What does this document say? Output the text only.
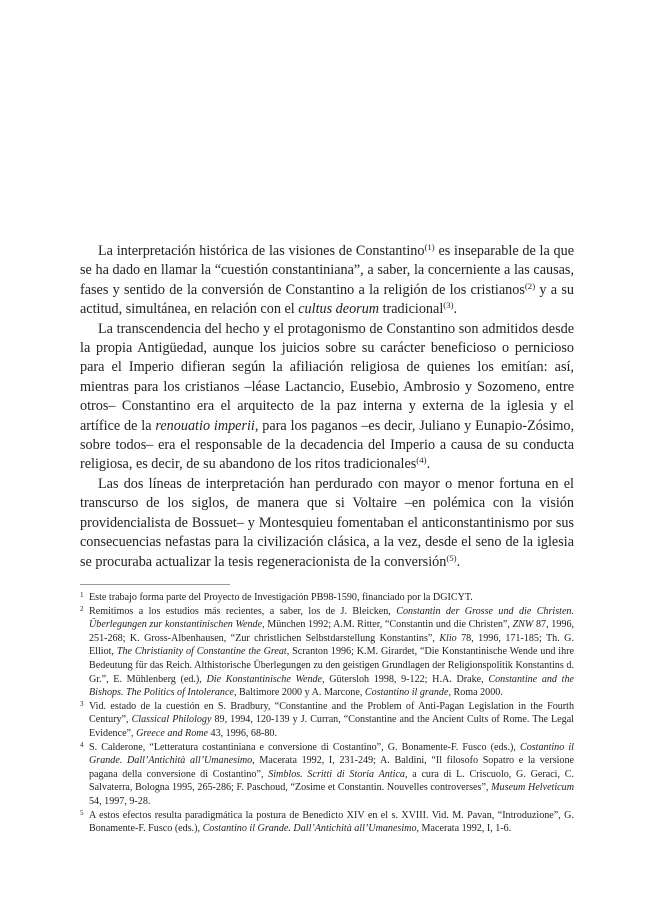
La interpretación histórica de las visiones de Constantino$^{(1)}$ es inseparable de la que se ha dado en llamar la “cuestión constantiniana”, a saber, la concerniente a las causas, fases y sentido de la conversión de Constantino a la religión de los cristianos$^{(2)}$ y a su actitud, simultánea, en relación con el cultus deorum tradicional$^{(3)}$.

La transcendencia del hecho y el protagonismo de Constantino son admitidos desde la propia Antigüedad, aunque los juicios sobre su carácter beneficioso o pernicioso para el Imperio difieran según la afiliación religiosa de quienes los emitían: así, mientras para los cristianos –léase Lactancio, Eusebio, Ambrosio y Sozomeno, entre otros– Constantino era el arquitecto de la paz interna y externa de la iglesia y el artífice de la renouatio imperii, para los paganos –es decir, Juliano y Eunapio-Zósimo, sobre todos– era el responsable de la decadencia del Imperio a causa de su conducta religiosa, es decir, de su abandono de los ritos tradicionales$^{(4)}$.

Las dos líneas de interpretación han perdurado con mayor o menor fortuna en el transcurso de los siglos, de manera que si Voltaire –en polémica con la visión providencialista de Bossuet– y Montesquieu fomentaban el anticonstantinismo por sus consecuencias nefastas para la civilización clásica, a la vez, desde el seno de la iglesia se procuraba actualizar la tesis regeneracionista de la conversión$^{(5)}$.

1 Este trabajo forma parte del Proyecto de Investigación PB98-1590, financiado por la DGICYT.
2 Remitimos a los estudios más recientes, a saber, los de J. Bleicken, Constantin der Grosse und die Christen. Überlegungen zur konstantinischen Wende, München 1992; A.M. Ritter, “Constantin und die Christen”, ZNW 87, 1996, 251-268; K. Gross-Albenhausen, “Zur christlichen Selbstdarstellung Konstantins”, Klio 78, 1996, 171-185; Th. G. Elliot, The Christianity of Constantine the Great, Scranton 1996; K.M. Girardet, “Die Konstantinische Wende und ihre Bedeutung für das Reich. Althistorische Überlegungen zu den geistigen Grundlagen der Religionspolitik Konstantins d. Gr.”, E. Mühlenberg (ed.), Die Konstantinische Wende, Gütersloh 1998, 9-122; H.A. Drake, Constantine and the Bishops. The Politics of Intolerance, Baltimore 2000 y A. Marcone, Costantino il grande, Roma 2000.
3 Vid. estado de la cuestión en S. Bradbury, “Constantine and the Problem of Anti-Pagan Legislation in the Fourth Century”, Classical Philology 89, 1994, 120-139 y J. Curran, “Constantine and the Ancient Cults of Rome. The Legal Evidence”, Greece and Rome 43, 1996, 68-80.
4 S. Calderone, “Letteratura costantiniana e conversione di Costantino”, G. Bonamente-F. Fusco (eds.), Costantino il Grande. Dall’Antichità all’Umanesimo, Macerata 1992, I, 231-249; A. Baldini, “Il filosofo Sopatro e la versione pagana della conversione di Costantino”, Simblos. Scritti di Storia Antica, a cura di L. Criscuolo, G. Geraci, C. Salvaterra, Bologna 1995, 265-286; F. Paschoud, “Zosime et Constantin. Nouvelles controverses”, Museum Helveticum 54, 1997, 9-28.
5 A estos efectos resulta paradigmática la postura de Benedicto XIV en el s. XVIII. Vid. M. Pavan, “Introduzione”, G. Bonamente-F. Fusco (eds.), Costantino il Grande. Dall’Antichità all’Umanesimo, Macerata 1992, I, 1-6.
